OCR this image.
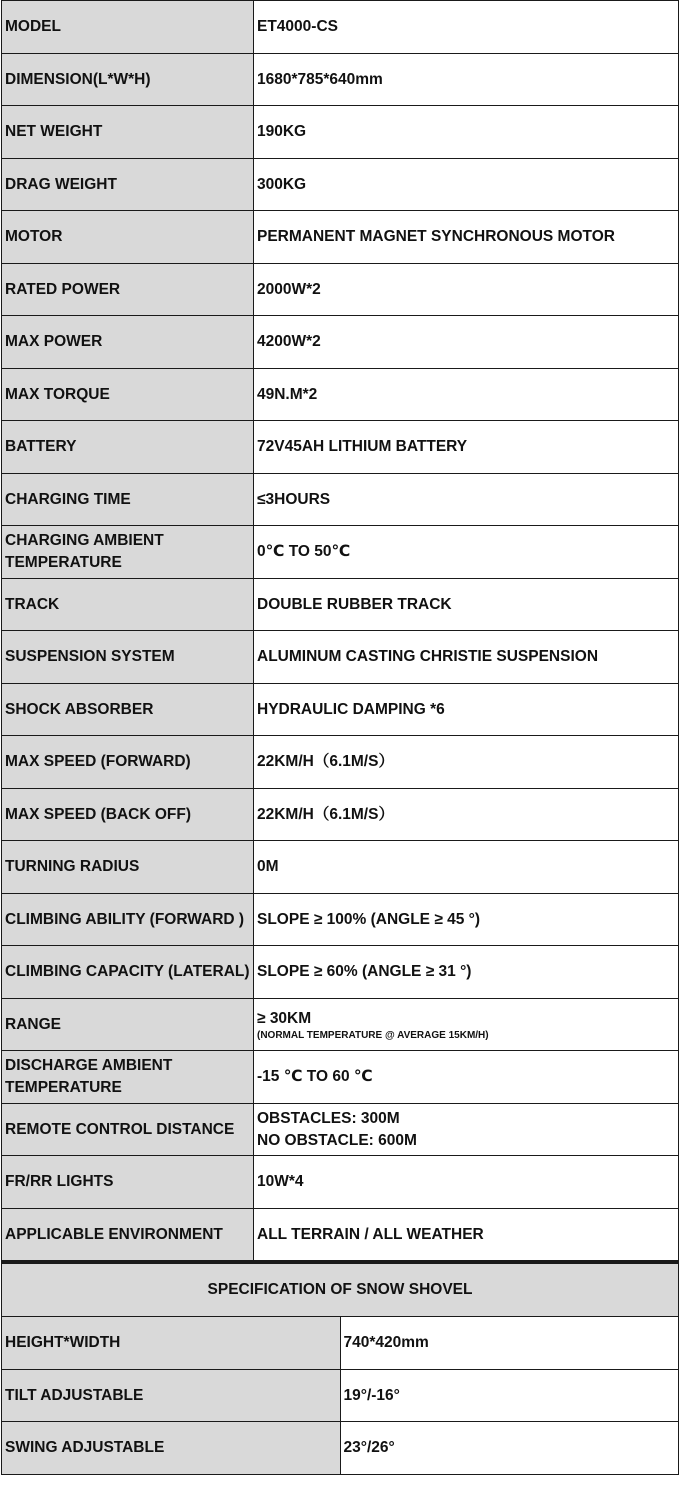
MODEL	ET4000-CS

DIMENSION(L*W*H)	1680*785*640mm

NET WEIGHT	190KG

DRAG WEIGHT	300KG

MOTOR	PERMANENT MAGNET SYNCHRONOUS MOTOR

RATED POWER	2000W*2

MAX POWER	4200W*2

MAX TORQUE	49N.M*2

BATTERY	72V45AH LITHIUM BATTERY

CHARGING TIME	≤3HOURS

CHARGING AMBIENT TEMPERATURE	0℃ TO 50℃

TRACK	DOUBLE RUBBER TRACK

SUSPENSION SYSTEM	ALUMINUM CASTING CHRISTIE SUSPENSION

SHOCK ABSORBER	HYDRAULIC DAMPING *6

MAX SPEED (FORWARD)	22KM/H（6.1M/S）

MAX SPEED (BACK OFF)	22KM/H（6.1M/S）

TURNING RADIUS	0M

CLIMBING ABILITY (FORWARD )	SLOPE ≥ 100% (ANGLE ≥ 45 °)

CLIMBING CAPACITY (LATERAL)	SLOPE ≥ 60% (ANGLE ≥ 31 °)

RANGE	≥ 30KM
(NORMAL TEMPERATURE @ AVERAGE 15KM/H)

DISCHARGE AMBIENT TEMPERATURE	-15 ℃ TO 60 ℃

REMOTE CONTROL DISTANCE	OBSTACLES: 300M
NO OBSTACLE: 600M

FR/RR LIGHTS	10W*4

APPLICABLE ENVIRONMENT	ALL TERRAIN / ALL WEATHER
SPECIFICATION OF SNOW SHOVEL	
HEIGHT*WIDTH	740*420mm

TILT ADJUSTABLE	19°/-16°

SWING ADJUSTABLE	23°/26°
